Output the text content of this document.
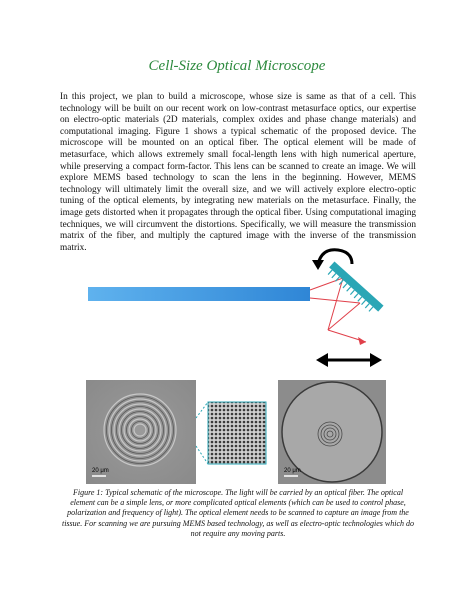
Cell-Size Optical Microscope
In this project, we plan to build a microscope, whose size is same as that of a cell. This technology will be built on our recent work on low-contrast metasurface optics, our expertise on electro-optic materials (2D materials, complex oxides and phase change materials) and computational imaging. Figure 1 shows a typical schematic of the proposed device. The microscope will be mounted on an optical fiber. The optical element will be made of metasurface, which allows extremely small focal-length lens with high numerical aperture, while preserving a compact form-factor. This lens can be scanned to create an image. We will explore MEMS based technology to scan the lens in the beginning. However, MEMS technology will ultimately limit the overall size, and we will actively explore electro-optic tuning of the optical elements, by integrating new materials on the metasurface. Finally, the image gets distorted when it propagates through the optical fiber. Using computational imaging techniques, we will circumvent the distortions. Specifically, we will measure the transmission matrix of the fiber, and multiply the captured image with the inverse of the transmission matrix.
20 μm	20 μm
Figure 1: Typical schematic of the microscope. The light will be carried by an optical fiber. The optical element can be a simple lens, or more complicated optical elements (which can be used to control phase, polarization and frequency of light). The optical element needs to be scanned to capture an image from the tissue. For scanning we are pursuing MEMS based technology, as well as electro-optic technologies which do not require any moving parts.
